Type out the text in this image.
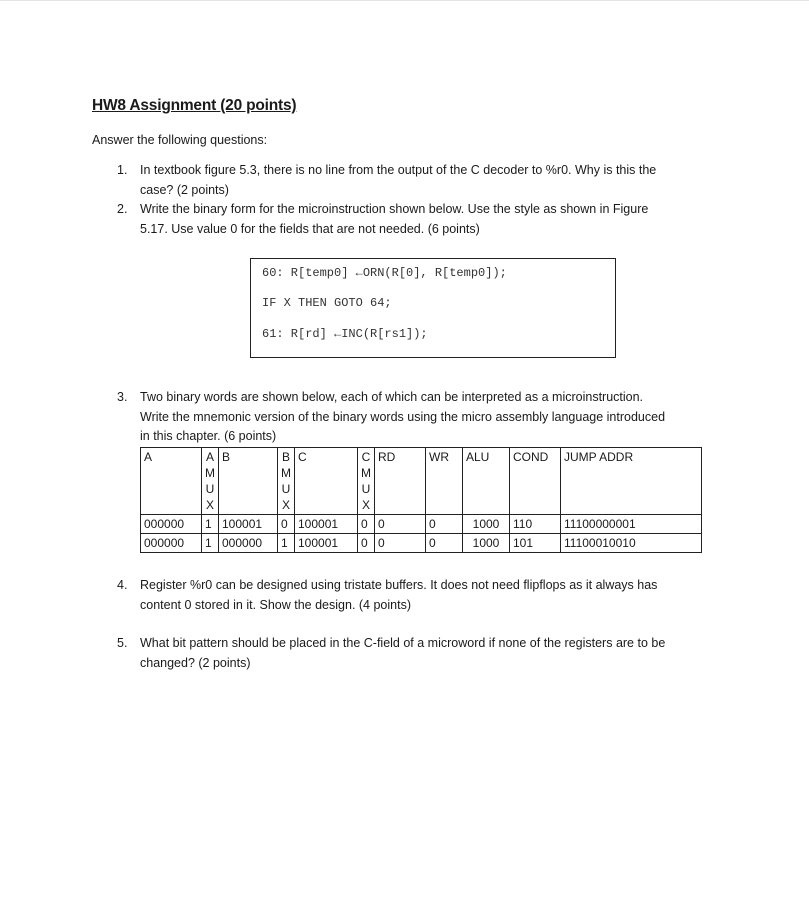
HW8 Assignment (20 points)
Answer the following questions:
1. In textbook figure 5.3, there is no line from the output of the C decoder to %r0. Why is this the
case? (2 points)
2. Write the binary form for the microinstruction shown below. Use the style as shown in Figure
5.17. Use value 0 for the fields that are not needed. (6 points)
60: R[temp0] ←ORN(R[0], R[temp0]);
IF X THEN GOTO 64;
61: R[rd] ←INC(R[rs1]);
3. Two binary words are shown below, each of which can be interpreted as a microinstruction.
Write the mnemonic version of the binary words using the micro assembly language introduced
in this chapter. (6 points)
A	A
M
U
X	B	B
M
U
X	C	C
M
U
X	RD	WR	ALU	COND	JUMP ADDR
000000	1	100001	0	100001	0	0	0	1000	110	11100000001
000000	1	000000	1	100001	0	0	0	1000	101	11100010010
4. Register %r0 can be designed using tristate buffers. It does not need flipflops as it always has
content 0 stored in it. Show the design. (4 points)
5. What bit pattern should be placed in the C-field of a microword if none of the registers are to be
changed? (2 points)
